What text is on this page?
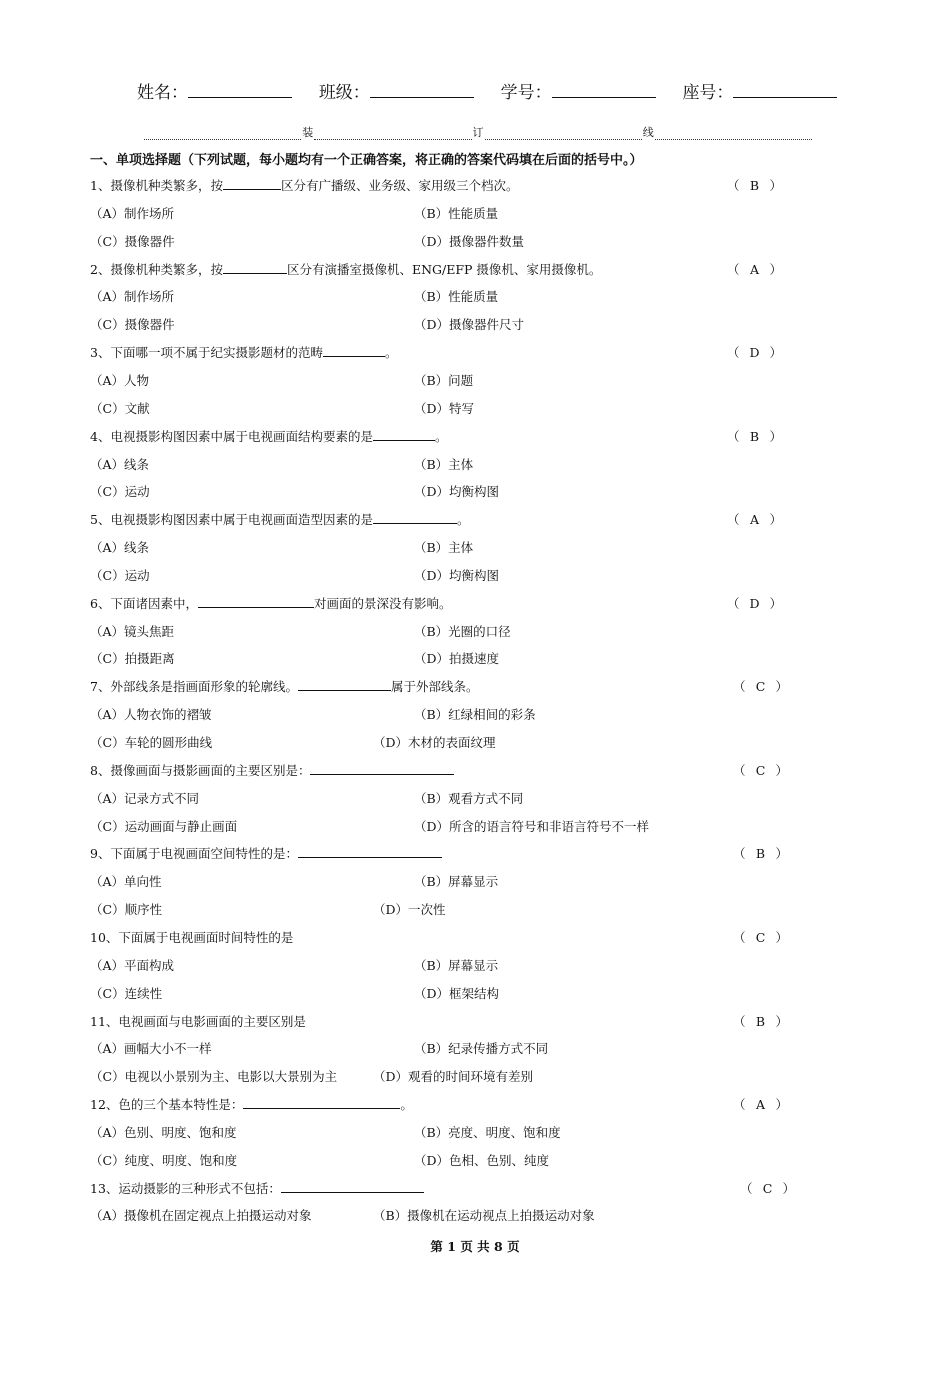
姓名：	班级：	学号：	座号：
装	订	线
一、单项选择题（下列试题，每小题均有一个正确答案，将正确的答案代码填在后面的括号中。）
1、摄像机种类繁多，按	区分有广播级、业务级、家用级三个档次。	（ B ）
（A）制作场所	（B）性能质量
（C）摄像器件	（D）摄像器件数量
2、摄像机种类繁多，按	区分有演播室摄像机、ENG/EFP 摄像机、家用摄像机。	（ A ）
（A）制作场所	（B）性能质量
（C）摄像器件	（D）摄像器件尺寸
3、下面哪一项不属于纪实摄影题材的范畴	。	（ D ）
（A）人物	（B）问题
（C）文献	（D）特写
4、电视摄影构图因素中属于电视画面结构要素的是	。	（ B ）
（A）线条	（B）主体
（C）运动	（D）均衡构图
5、电视摄影构图因素中属于电视画面造型因素的是	。	（ A ）
（A）线条	（B）主体
（C）运动	（D）均衡构图
6、下面诸因素中，	对画面的景深没有影响。	（ D ）
（A）镜头焦距	（B）光圈的口径
（C）拍摄距离	（D）拍摄速度
7、外部线条是指画面形象的轮廓线。	属于外部线条。	（ C ）
（A）人物衣饰的褶皱	（B）红绿相间的彩条
（C）车轮的圆形曲线	（D）木材的表面纹理
8、摄像画面与摄影画面的主要区别是：	（ C ）
（A）记录方式不同	（B）观看方式不同
（C）运动画面与静止画面	（D）所含的语言符号和非语言符号不一样
9、下面属于电视画面空间特性的是：	（ B ）
（A）单向性	（B）屏幕显示
（C）顺序性	（D）一次性
10、下面属于电视画面时间特性的是	（ C ）
（A）平面构成	（B）屏幕显示
（C）连续性	（D）框架结构
11、电视画面与电影画面的主要区别是	（ B ）
（A）画幅大小不一样	（B）纪录传播方式不同
（C）电视以小景别为主、电影以大景别为主	（D）观看的时间环境有差别
12、色的三个基本特性是：	。	（ A ）
（A）色别、明度、饱和度	（B）亮度、明度、饱和度
（C）纯度、明度、饱和度	（D）色相、色别、纯度
13、运动摄影的三种形式不包括：	（ C ）
（A）摄像机在固定视点上拍摄运动对象	（B）摄像机在运动视点上拍摄运动对象
第 1 页 共 8 页
